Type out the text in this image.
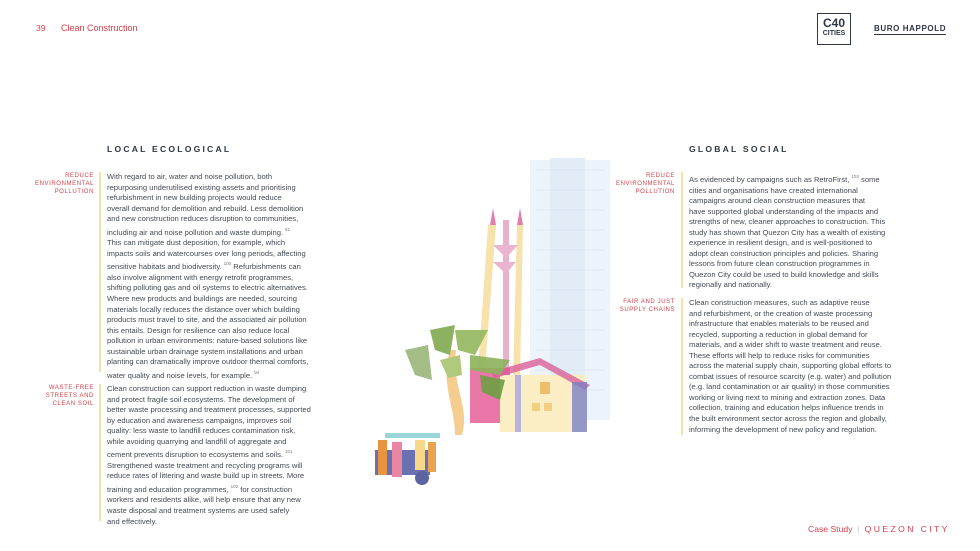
39 Clean Construction	C40
CITIES
BURO HAPPOLD
LOCAL ECOLOGICAL	GLOBAL SOCIAL
REDUCE
ENVIRONMENTAL
POLLUTION
With regard to air, water and noise pollution, both
repurposing underutilised existing assets and prioritising
refurbishment in new building projects would reduce
overall demand for demolition and rebuild. Less demolition
and new construction reduces disruption to communities,
including air and noise pollution and waste dumping. $^{91}$
This can mitigate dust deposition, for example, which
impacts soils and watercourses over long periods, affecting
sensitive habitats and biodiversity. $^{100}$ Refurbishments can
also involve alignment with energy retrofit programmes,
shifting polluting gas and oil systems to electric alternatives.
Where new products and buildings are needed, sourcing
materials locally reduces the distance over which building
products must travel to site, and the associated air pollution
this entails. Design for resilience can also reduce local
pollution in urban environments: nature-based solutions like
sustainable urban drainage system installations and urban
planting can dramatically improve outdoor thermal comforts,
water quality and noise levels, for example. $^{94}$
WASTE-FREE
STREETS AND
CLEAN SOIL
Clean construction can support reduction in waste dumping
and protect fragile soil ecosystems. The development of
better waste processing and treatment processes, supported
by education and awareness campaigns, improves soil
quality: less waste to landfill reduces contamination risk,
while avoiding quarrying and landfill of aggregate and
cement prevents disruption to ecosystems and soils. $^{101}$
Strengthened waste treatment and recycling programs will
reduce rates of littering and waste build up in streets. More
training and education programmes, $^{102}$ for construction
workers and residents alike, will help ensure that any new
waste disposal and treatment systems are used safely
and effectively.
REDUCE
ENVIRONMENTAL
POLLUTION
As evidenced by campaigns such as RetroFirst, $^{103}$ some
cities and organisations have created international
campaigns around clean construction measures that
have supported global understanding of the impacts and
strengths of new, cleaner approaches to construction. This
study has shown that Quezon City has a wealth of existing
experience in resilient design, and is well-positioned to
adopt clean construction principles and policies. Sharing
lessons from future clean construction programmes in
Quezon City could be used to build knowledge and skills
regionally and nationally.
FAIR AND JUST
SUPPLY CHAINS
Clean construction measures, such as adaptive reuse
and refurbishment, or the creation of waste processing
infrastructure that enables materials to be reused and
recycled, supporting a reduction in global demand for
materials, and a wider shift to waste treatment and reuse.
These efforts will help to reduce risks for communities
across the material supply chain, supporting global efforts to
combat issues of resource scarcity (e.g. water) and pollution
(e.g. land contamination or air quality) in those communities
working or living next to mining and extraction zones. Data
collection, training and education helps influence trends in
the built environment sector across the region and globally,
informing the development of new policy and regulation.
Case Study | QUEZON CITY
